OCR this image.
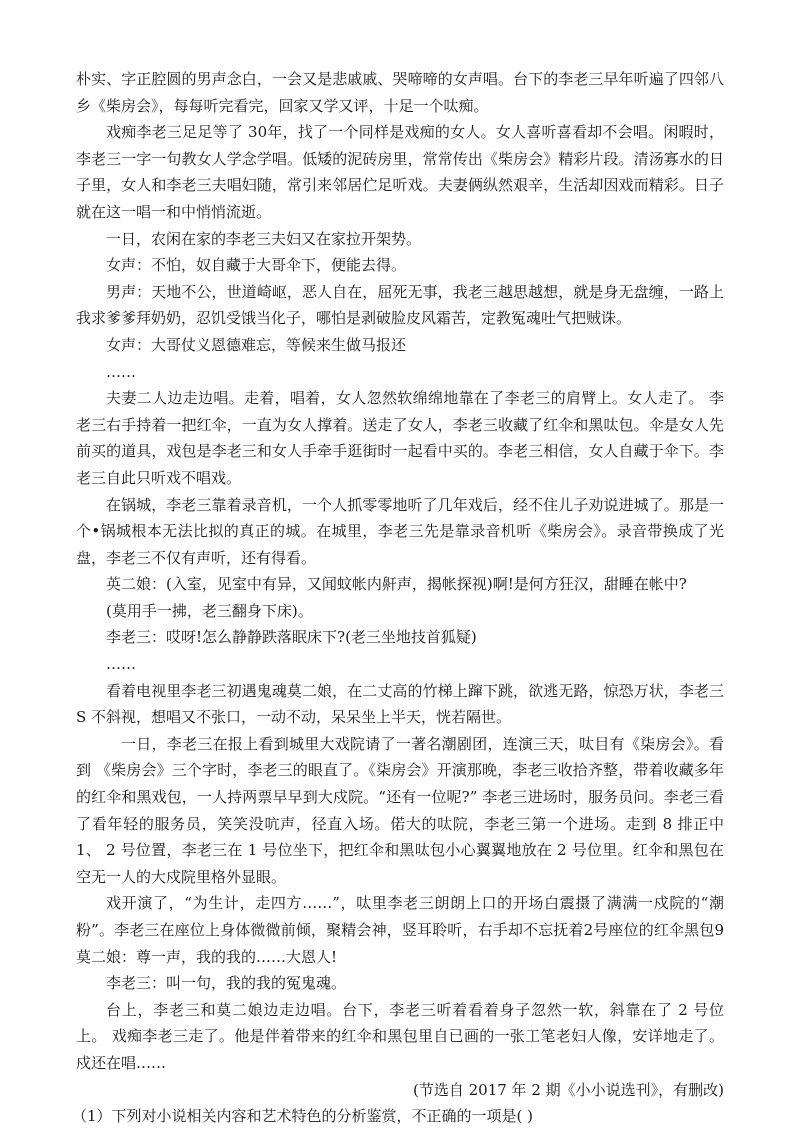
朴实、字正腔圆的男声念白，一会又是悲戚戚、哭啼啼的女声唱。台下的李老三早年听遍了四邻八乡《柴房会》，每每听完看完，回家又学又评，十足一个呔痴。

戏痴李老三足足等了 30年，找了一个同样是戏痴的女人。女人喜听喜看却不会唱。闲暇时，李老三一字一句教女人学念学唱。低矮的泥砖房里，常常传出《柴房会》精彩片段。清汤寡水的日子里，女人和李老三夫唱妇随，常引来邻居伫足听戏。夫妻俩纵然艰辛，生活却因戏而精彩。日子就在这一唱一和中悄悄流逝。

一日，农闲在家的李老三夫妇又在家拉开架势。

女声：不怕，奴自藏于大哥伞下，便能去得。

男声：天地不公，世道崎岖，恶人自在，屈死无事，我老三越思越想，就是身无盘缠，一路上我求爹爹拜奶奶，忍饥受饿当化子，哪怕是剥破脸皮风霜苦，定教冤魂吐气把贼诛。

女声：大哥仗义恩德难忘，等候来生做马报还

……

夫妻二人边走边唱。走着，唱着，女人忽然软绵绵地靠在了李老三的肩臂上。女人走了。 李老三右手持着一把红伞，一直为女人撑着。送走了女人，李老三收藏了红伞和黑呔包。伞是女人先前买的道具，戏包是李老三和女人手牵手逛街时一起看中买的。李老三相信，女人自藏于伞下。李老三自此只听戏不唱戏。

在锅城，李老三靠着录音机，一个人抓零零地听了几年戏后，经不住儿子劝说进城了。那是一个•锅城根本无法比拟的真正的城。在城里，李老三先是靠录音机听《柴房会》。录音带换成了光盘，李老三不仅有声听，还有得看。

英二娘：(入室，见室中有异，又闻蚊帐内鼾声，揭帐探视)啊!是何方狂汉，甜睡在帐中?

(莫用手一拂，老三翻身下床)。

李老三：哎呀!怎么静静跌落眠床下?(老三坐地技首狐疑)

……

看着电视里李老三初遇鬼魂莫二娘，在二丈高的竹梯上蹿下跳，欲逃无路，惊恐万状，李老三 S 不斜视，想唱又不张口，一动不动，呆呆坐上半天，恍若隔世。

一日，李老三在报上看到城里大戏院请了一著名潮剧团，连演三天，呔目有《柒房会》。看到 《柴房会》三个字时，李老三的眼直了。《柒房会》开演那晚，李老三收拾齐整，带着收藏多年的红伞和黑戏包，一人持两票早早到大戍院。“还有一位呢?” 李老三进场时，服务员问。李老三看了看年轻的服务员，笑笑没吭声，径直入场。偌大的呔院，李老三第一个进场。走到 8 排正中 1、 2 号位置，李老三在 1 号位坐下，把红伞和黑呔包小心翼翼地放在 2 号位里。红伞和黑包在空无一人的大戍院里格外显眼。

戏开演了，“为生计，走四方……”，呔里李老三朗朗上口的开场白震摄了满满一戍院的“潮粉”。李老三在座位上身体微微前倾，聚精会神，竖耳聆听，右手却不忘抚着2号座位的红伞黑包9 莫二娘：尊一声，我的我的……大恩人!

李老三：叫一句，我的我的冤鬼魂。

台上，李老三和莫二娘边走边唱。台下，李老三听着看着身子忽然一软，斜靠在了 2 号位上。 戏痴李老三走了。他是伴着带来的红伞和黑包里自已画的一张工笔老妇人像，安详地走了。 戍还在唱……

(节选自 2017 年 2 期《小小说选刊》，有删改)

（1）下列对小说相关内容和艺术特色的分析鉴赏，不正确的一项是( )
